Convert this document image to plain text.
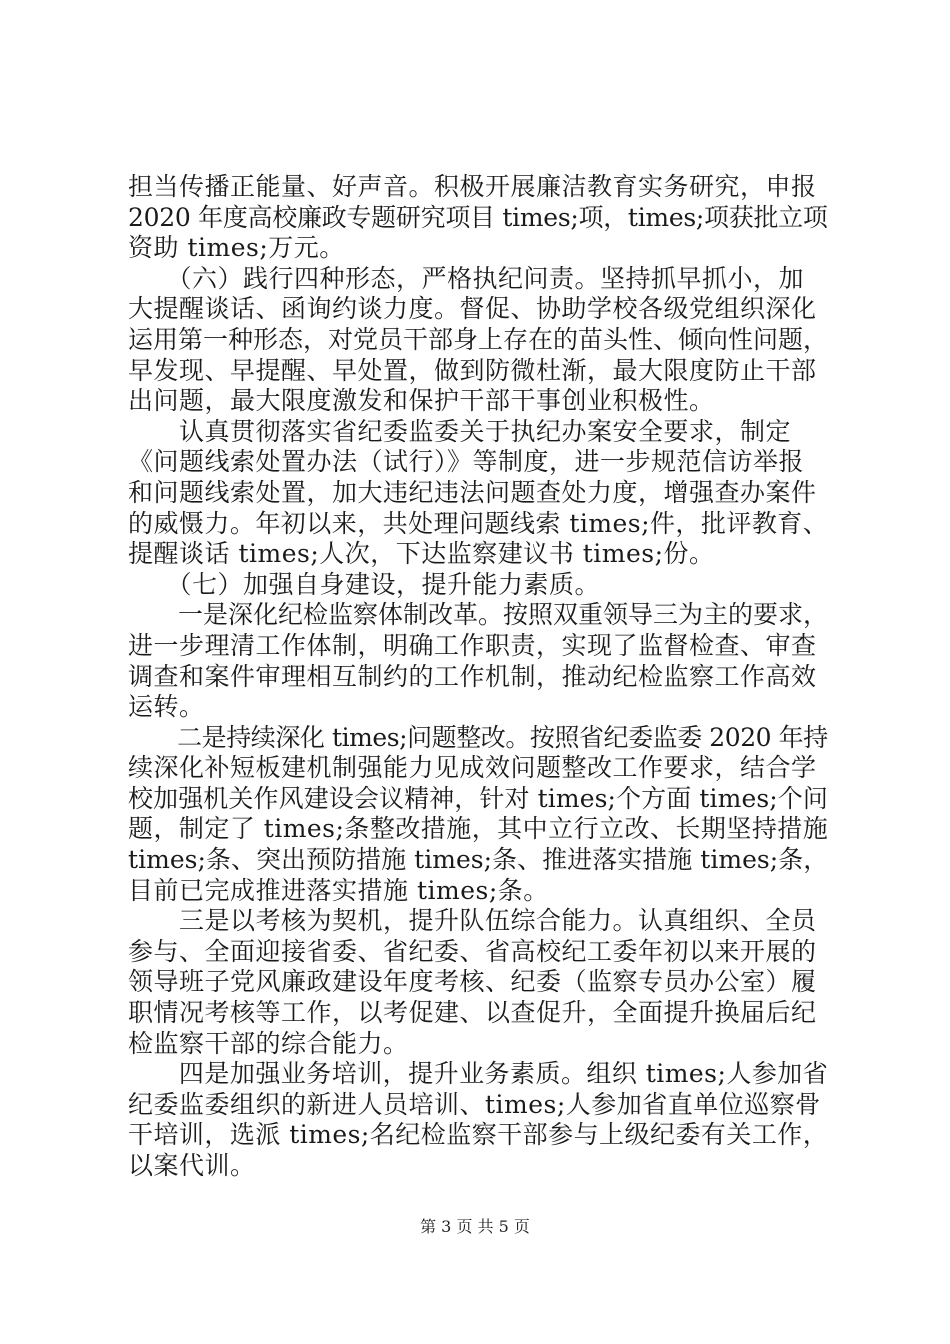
担当传播正能量、好声音。积极开展廉洁教育实务研究，申报
2020 年度高校廉政专题研究项目 times;项，times;项获批立项
资助 times;万元。
　　（六）践行四种形态，严格执纪问责。坚持抓早抓小，加
大提醒谈话、函询约谈力度。督促、协助学校各级党组织深化
运用第一种形态，对党员干部身上存在的苗头性、倾向性问题，
早发现、早提醒、早处置，做到防微杜渐，最大限度防止干部
出问题，最大限度激发和保护干部干事创业积极性。
　　认真贯彻落实省纪委监委关于执纪办案安全要求，制定
《问题线索处置办法（试行）》等制度，进一步规范信访举报
和问题线索处置，加大违纪违法问题查处力度，增强查办案件
的威慑力。年初以来，共处理问题线索 times;件，批评教育、
提醒谈话 times;人次，下达监察建议书 times;份。
　　（七）加强自身建设，提升能力素质。
　　一是深化纪检监察体制改革。按照双重领导三为主的要求，
进一步理清工作体制，明确工作职责，实现了监督检查、审查
调查和案件审理相互制约的工作机制，推动纪检监察工作高效
运转。
　　二是持续深化 times;问题整改。按照省纪委监委 2020 年持
续深化补短板建机制强能力见成效问题整改工作要求，结合学
校加强机关作风建设会议精神，针对 times;个方面 times;个问
题，制定了 times;条整改措施，其中立行立改、长期坚持措施
times;条、突出预防措施 times;条、推进落实措施 times;条，
目前已完成推进落实措施 times;条。
　　三是以考核为契机，提升队伍综合能力。认真组织、全员
参与、全面迎接省委、省纪委、省高校纪工委年初以来开展的
领导班子党风廉政建设年度考核、纪委（监察专员办公室）履
职情况考核等工作，以考促建、以查促升，全面提升换届后纪
检监察干部的综合能力。
　　四是加强业务培训，提升业务素质。组织 times;人参加省
纪委监委组织的新进人员培训、times;人参加省直单位巡察骨
干培训，选派 times;名纪检监察干部参与上级纪委有关工作，
以案代训。
第 3 页 共 5 页
